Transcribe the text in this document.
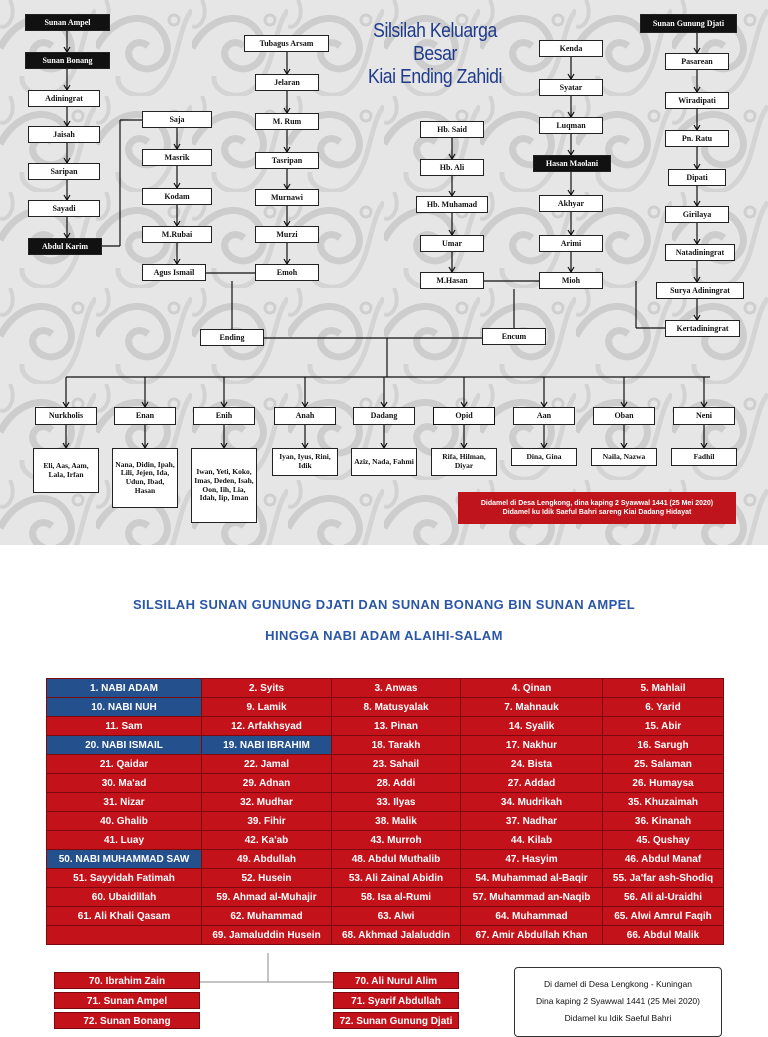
Silsilah Keluarga Besar
Kiai Ending Zahidi
Sunan Ampel
Sunan Bonang
Adiningrat
Jaisah
Saripan
Sayadi
Abdul Karim
Saja
Masrik
Kodam
M.Rubai
Agus Ismail
Tubagus Arsam
Jelaran
M. Rum
Tasripan
Murnawi
Murzi
Emoh
Hb. Said
Hb. Ali
Hb. Muhamad
Umar
M.Hasan
Kenda
Syatar
Luqman
Hasan Maolani
Akhyar
Arimi
Mioh
Sunan Gunung Djati
Pasarean
Wiradipati
Pn. Ratu
Dipati
Girilaya
Natadiningrat
Surya Adiningrat
Kertadiningrat
Ending	Encum
Didamel di Desa Lengkong, dina kaping 2 Syawwal 1441 (25 Mei 2020)
Didamel ku Idik Saeful Bahri sareng Kiai Dadang Hidayat
Nurkholis
Eli, Aas, Aam, Lala, Irfan
Enan
Nana, Didin, Ipah, Lili, Jejen, Ida, Udun, Ibad, Hasan
Enih
Iwan, Yeti, Koko, Imas, Deden, Isah, Oon, Iih, Lia, Idah, Iip, Iman
Anah
Iyan, Iyus, Rini, Idik
Dadang
Aziz, Nada, Fahmi
Opid
Rifa, Hilman, Diyar
Aan
Dina, Gina
Oban
Naila, Nazwa
Neni
Fadhil
SILSILAH SUNAN GUNUNG DJATI DAN SUNAN BONANG BIN SUNAN AMPEL
HINGGA NABI ADAM ALAIHI-SALAM
1. NABI ADAM	2. Syits	3. Anwas	4. Qinan	5. Mahlail
10. NABI NUH	9. Lamik	8. Matusyalak	7. Mahnauk	6. Yarid
11. Sam	12. Arfakhsyad	13. Pinan	14. Syalik	15. Abir
20. NABI ISMAIL	19. NABI IBRAHIM	18. Tarakh	17. Nakhur	16. Sarugh
21. Qaidar	22. Jamal	23. Sahail	24. Bista	25. Salaman
30. Ma'ad	29. Adnan	28. Addi	27. Addad	26. Humaysa
31. Nizar	32. Mudhar	33. Ilyas	34. Mudrikah	35. Khuzaimah
40. Ghalib	39. Fihir	38. Malik	37. Nadhar	36. Kinanah
41. Luay	42. Ka'ab	43. Murroh	44. Kilab	45. Qushay
50. NABI MUHAMMAD SAW	49. Abdullah	48. Abdul Muthalib	47. Hasyim	46. Abdul Manaf
51. Sayyidah Fatimah	52. Husein	53. Ali Zainal Abidin	54. Muhammad al-Baqir	55. Ja'far ash-Shodiq
60. Ubaidillah	59. Ahmad al-Muhajir	58. Isa al-Rumi	57. Muhammad an-Naqib	56. Ali al-Uraidhi
61. Ali Khali Qasam	62. Muhammad	63. Alwi	64. Muhammad	65. Alwi Amrul Faqih
	69. Jamaluddin Husein	68. Akhmad Jalaluddin	67. Amir Abdullah Khan	66. Abdul Malik
70. Ibrahim Zain
71. Sunan Ampel
72. Sunan Bonang
70. Ali Nurul Alim
71. Syarif Abdullah
72. Sunan Gunung Djati
Di damel di Desa Lengkong - Kuningan
Dina kaping 2 Syawwal 1441 (25 Mei 2020)
Didamel ku Idik Saeful Bahri
